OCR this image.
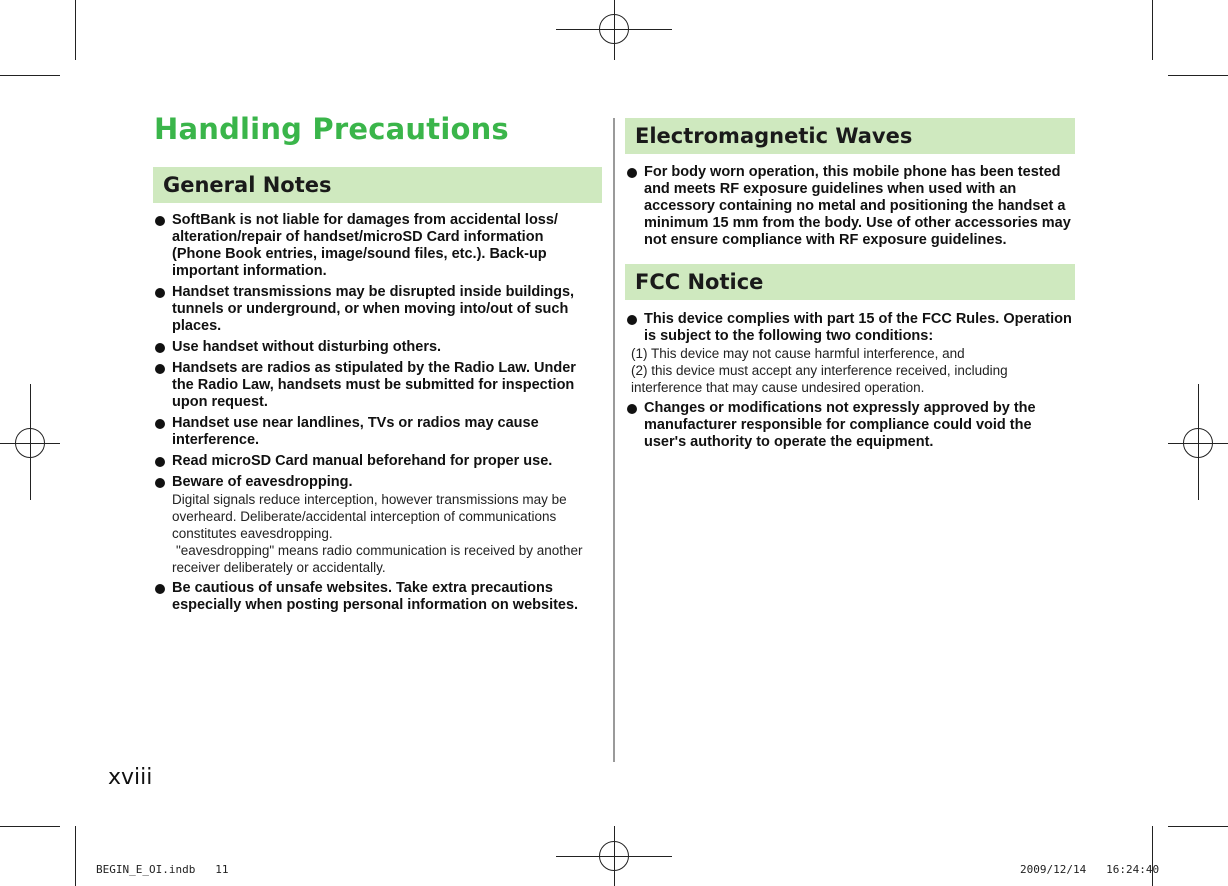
Handling Precautions
General Notes
SoftBank is not liable for damages from accidental loss/ alteration/repair of handset/microSD Card information (Phone Book entries, image/sound files, etc.). Back-up important information.
Handset transmissions may be disrupted inside buildings, tunnels or underground, or when moving into/out of such places.
Use handset without disturbing others.
Handsets are radios as stipulated by the Radio Law. Under the Radio Law, handsets must be submitted for inspection upon request.
Handset use near landlines, TVs or radios may cause interference.
Read microSD Card manual beforehand for proper use.
Beware of eavesdropping.
Digital signals reduce interception, however transmissions may be overheard. Deliberate/accidental interception of communications constitutes eavesdropping.
"eavesdropping" means radio communication is received by another receiver deliberately or accidentally.
Be cautious of unsafe websites. Take extra precautions especially when posting personal information on websites.
Electromagnetic Waves
For body worn operation, this mobile phone has been tested and meets RF exposure guidelines when used with an accessory containing no metal and positioning the handset a minimum 15 mm from the body. Use of other accessories may not ensure compliance with RF exposure guidelines.
FCC Notice
This device complies with part 15 of the FCC Rules. Operation is subject to the following two conditions:
(1) This device may not cause harmful interference, and
(2) this device must accept any interference received, including interference that may cause undesired operation.
Changes or modifications not expressly approved by the manufacturer responsible for compliance could void the user's authority to operate the equipment.
xviii
BEGIN_E_OI.indb   11	2009/12/14   16:24:40
